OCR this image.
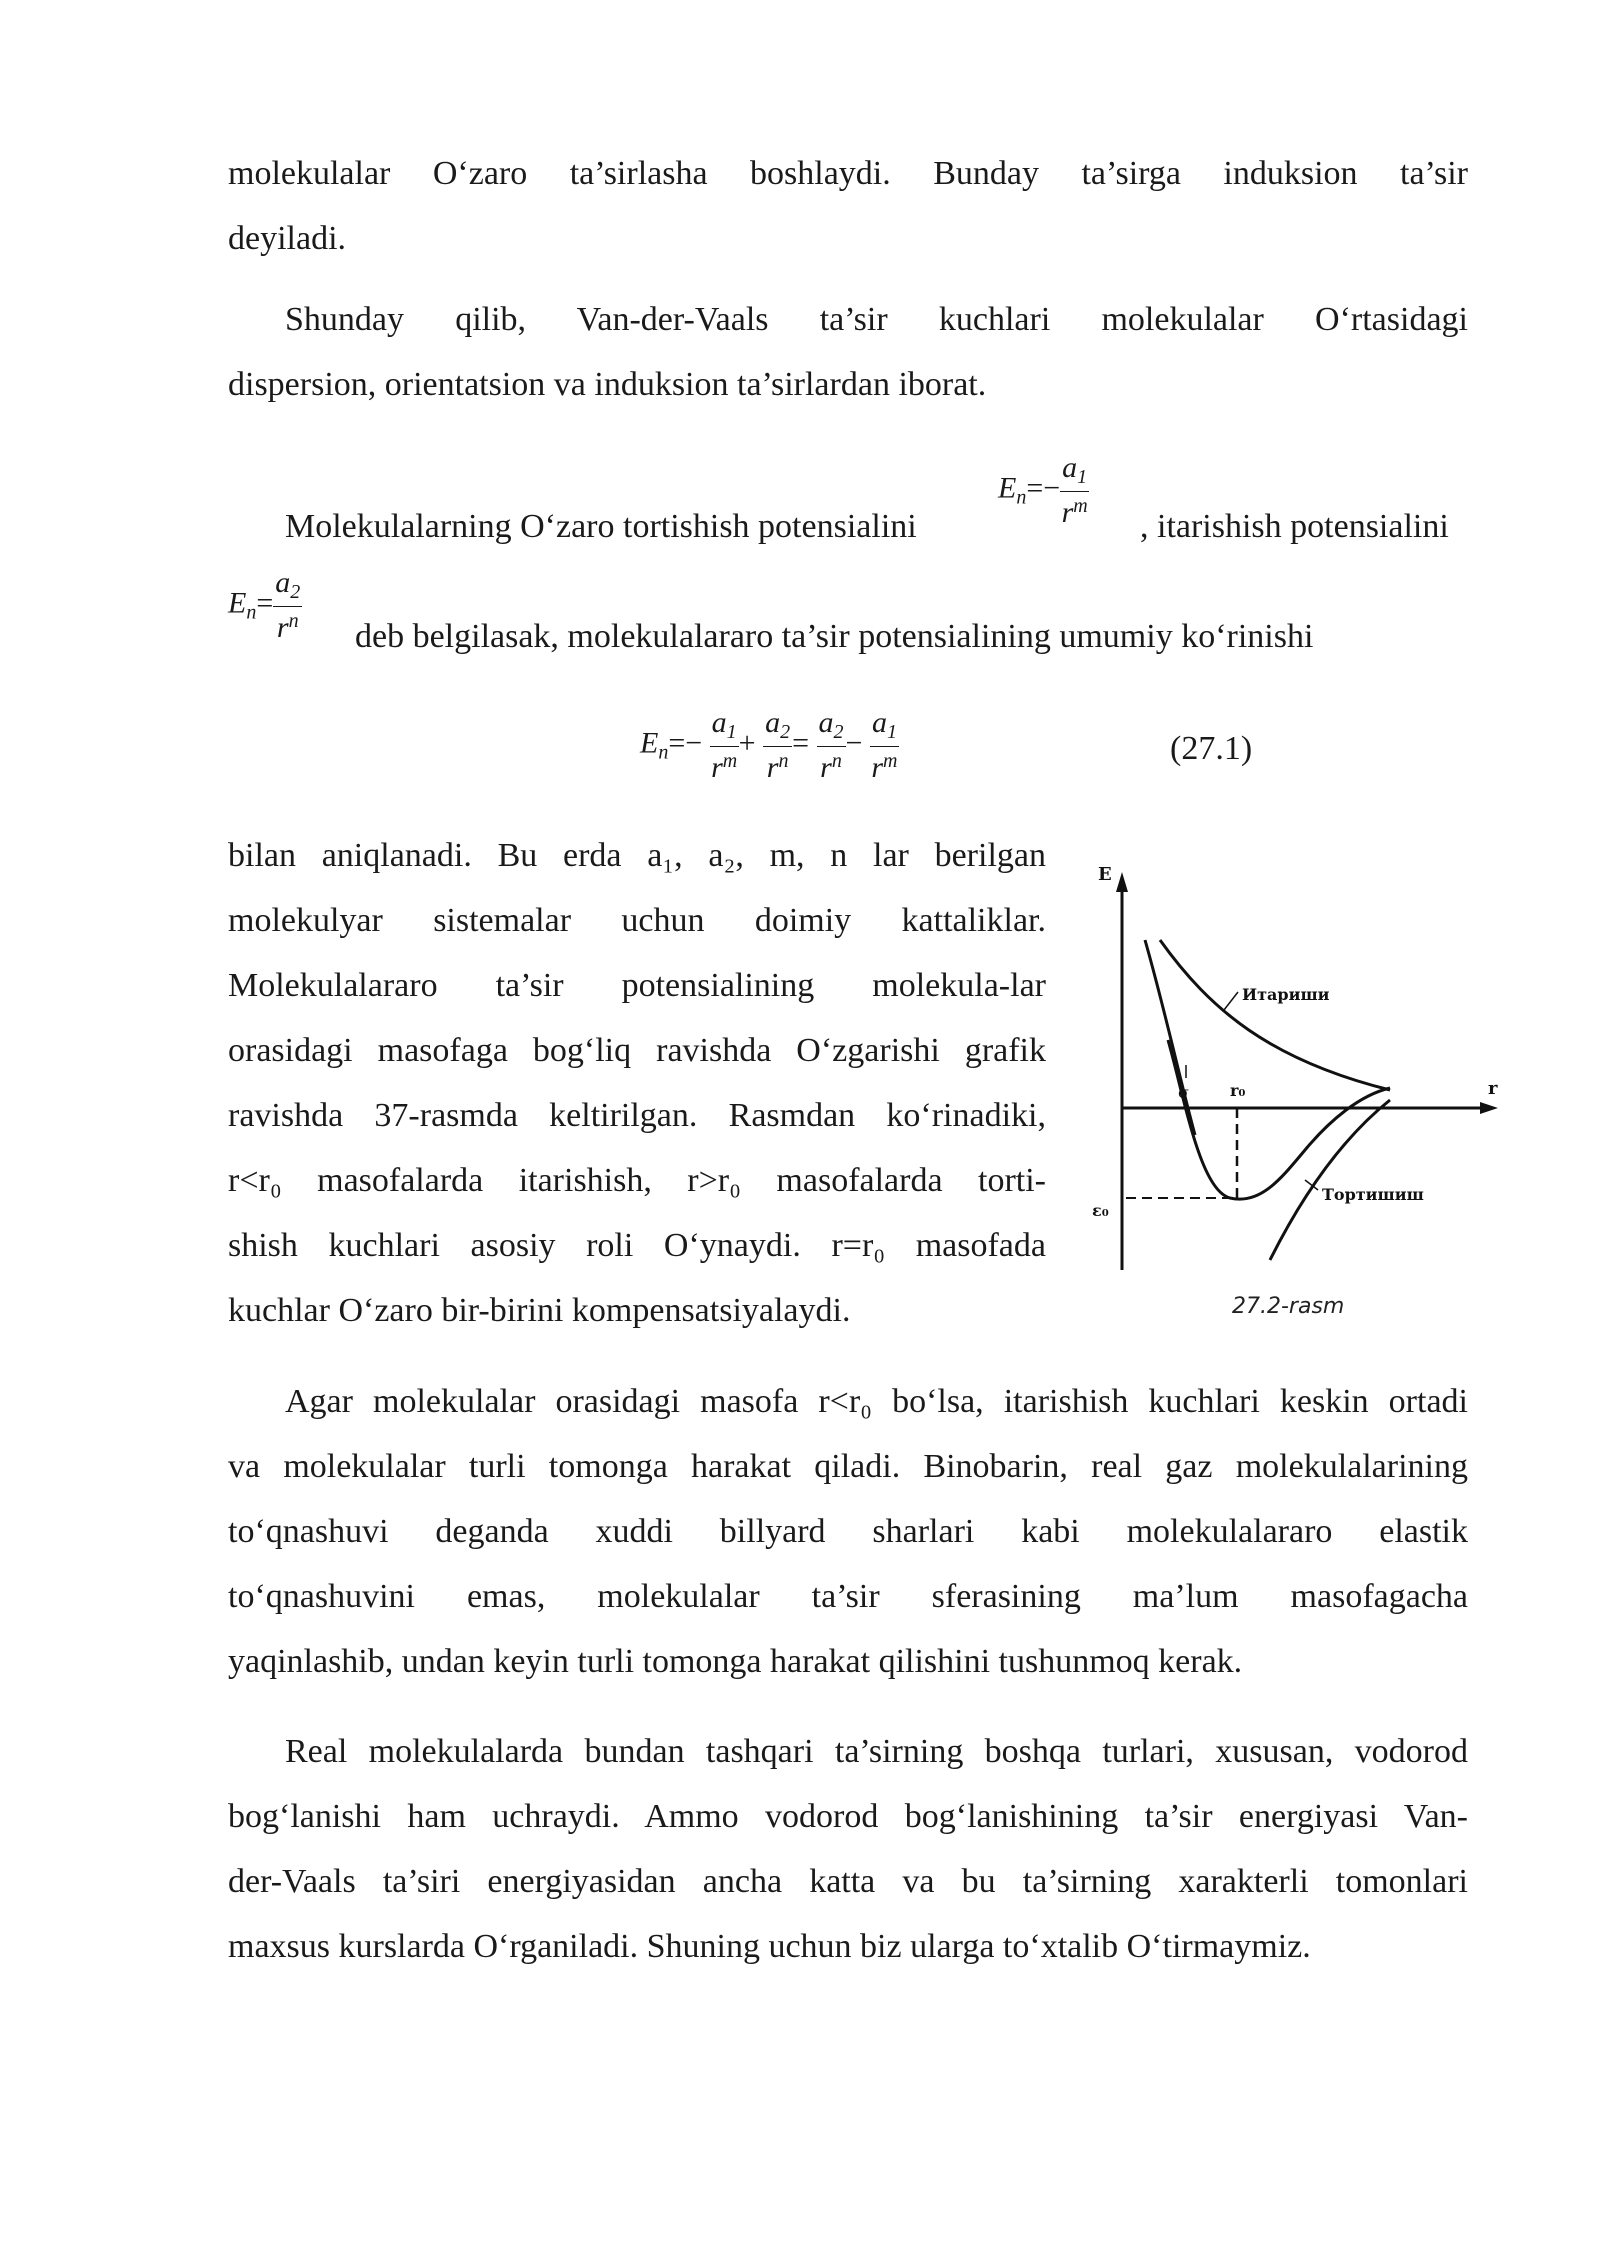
molekulalar O‘zaro ta’sirlasha boshlaydi. Bunday ta’sirga induksion ta’sir
deyiladi.
Shunday qilib, Van-der-Vaals ta’sir kuchlari molekulalar O‘rtasidagi
dispersion, orientatsion va induksion ta’sirlardan iborat.
Molekulalarning O‘zaro tortishish potensialini
$E_n=- \frac{a_1}{r^m}$ , itarishish potensialini
$E_n= \frac{a_2}{r^n}$ deb belgilasak, molekulalararo ta’sir potensialining umumiy ko‘rinishi
$E_n=- \frac{a_1}{r^m} + \frac{a_2}{r^n} = \frac{a_2}{r^n} - \frac{a_1}{r^m}$	(27.1)
bilan aniqlanadi. Bu erda a₁, a₂, m, n lar berilgan
molekulyar sistemalar uchun doimiy kattaliklar.
Molekulalararo ta’sir potensialining molekula-lar
orasidagi masofaga bog‘liq ravishda O‘zgarishi grafik
ravishda 37-rasmda keltirilgan. Rasmdan ko‘rinadiki,
r<r₀ masofalarda itarishish, r>r₀ masofalarda torti-
shish kuchlari asosiy roli O‘ynaydi. r=r₀ masofada
kuchlar O‘zaro bir-birini kompensatsiyalaydi.
E
r
Итариши
Тортишиш
σ	r₀
ε₀
27.2-rasm
Agar molekulalar orasidagi masofa r<r₀ bo‘lsa, itarishish kuchlari keskin ortadi
va molekulalar turli tomonga harakat qiladi. Binobarin, real gaz molekulalarining
to‘qnashuvi deganda xuddi billyard sharlari kabi molekulalararo elastik
to‘qnashuvini emas, molekulalar ta’sir sferasining ma’lum masofagacha
yaqinlashib, undan keyin turli tomonga harakat qilishini tushunmoq kerak.
Real molekulalarda bundan tashqari ta’sirning boshqa turlari, xususan, vodorod
bog‘lanishi ham uchraydi. Ammo vodorod bog‘lanishining ta’sir energiyasi Van-
der-Vaals ta’siri energiyasidan ancha katta va bu ta’sirning xarakterli tomonlari
maxsus kurslarda O‘rganiladi. Shuning uchun biz ularga to‘xtalib O‘tirmaymiz.
